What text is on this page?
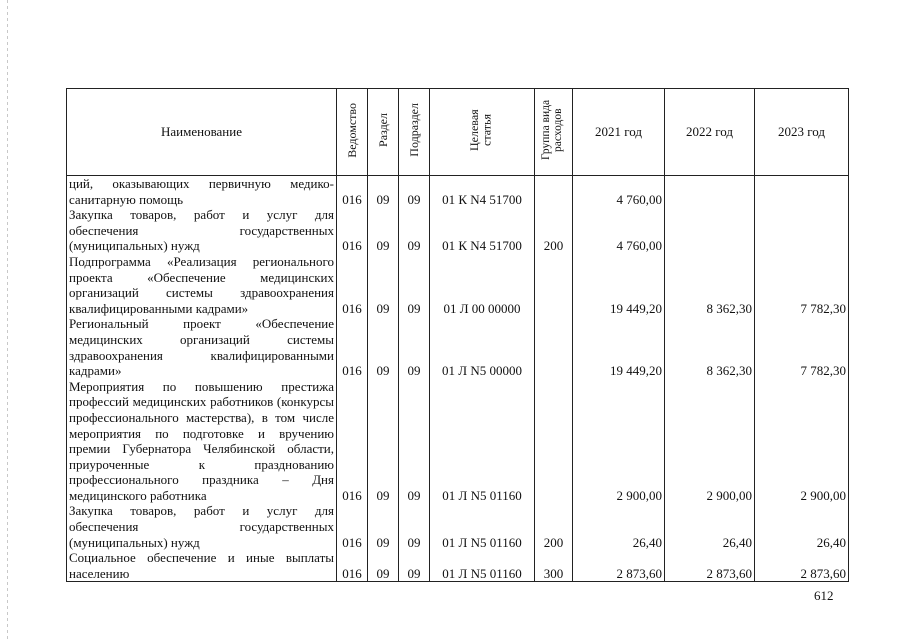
Наименование	Ведомство	Раздел	Подраздел	Целевая статья	Группа вида расходов	2021 год	2022 год	2023 год
ций, оказывающих первичную медико-санитарную помощь	016	09	09	01 К N4 51700		4 760,00		
Закупка товаров, работ и услуг для обеспечения государственных (муниципальных) нужд	016	09	09	01 К N4 51700	200	4 760,00		
Подпрограмма «Реализация регионального проекта «Обеспечение медицинских организаций системы здравоохранения квалифицированными кадрами»	016	09	09	01 Л 00 00000		19 449,20	8 362,30	7 782,30
Региональный проект «Обеспечение медицинских организаций системы здравоохранения квалифицированными кадрами»	016	09	09	01 Л N5 00000		19 449,20	8 362,30	7 782,30
Мероприятия по повышению престижа профессий медицинских работников (конкурсы профессионального мастерства), в том числе мероприятия по подготовке и вручению премии Губернатора Челябинской области, приуроченные к празднованию профессионального праздника – Дня медицинского работника	016	09	09	01 Л N5 01160		2 900,00	2 900,00	2 900,00
Закупка товаров, работ и услуг для обеспечения государственных (муниципальных) нужд	016	09	09	01 Л N5 01160	200	26,40	26,40	26,40
Социальное обеспечение и иные выплаты населению	016	09	09	01 Л N5 01160	300	2 873,60	2 873,60	2 873,60
612
